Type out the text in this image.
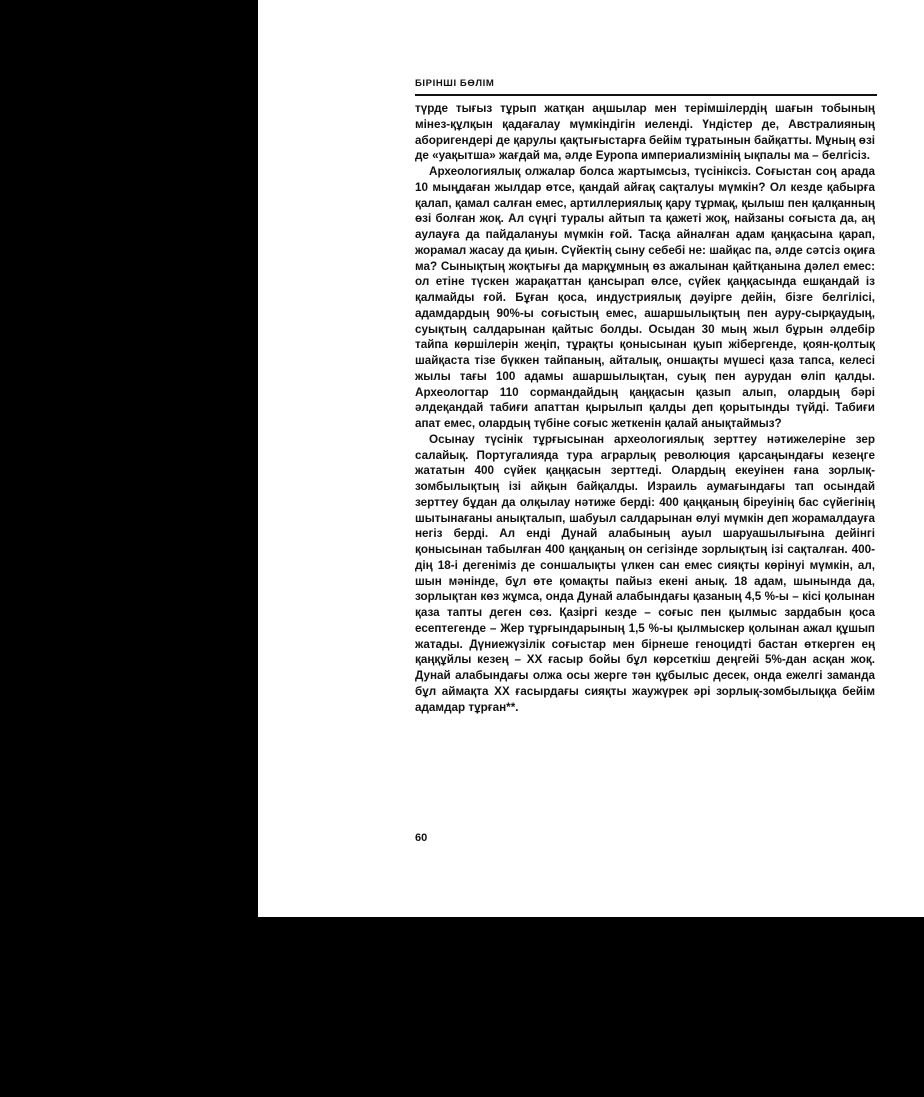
БІРІНШІ БӨЛІМ

түрде тығыз тұрып жатқан аңшылар мен терімшілердің шағын тобының мінез-құлқын қадағалау мүмкіндігін иеленді. Үндістер де, Австралияның аборигендері де қарулы қақтығыстарға бейім тұратынын байқатты. Мұның өзі де «уақытша» жағдай ма, әлде Еуропа империализмінің ықпалы ма – белгісіз.

Археологиялық олжалар болса жартымсыз, түсініксіз. Соғыстан соң арада 10 мыңдаған жылдар өтсе, қандай айғақ сақталуы мүмкін? Ол кезде қабырға қалап, қамал салған емес, артиллериялық қару тұрмақ, қылыш пен қалқанның өзі болған жоқ. Ал сүңгі туралы айтып та қажеті жоқ, найзаны соғыста да, аң аулауға да пайдалануы мүмкін ғой. Тасқа айналған адам қаңқасына қарап, жорамал жасау да қиын. Сүйектің сыну себебі не: шайқас па, әлде сәтсіз оқиға ма? Сынықтың жоқтығы да марқұмның өз ажалынан қайтқанына дәлел емес: ол етіне түскен жарақаттан қансырап өлсе, сүйек қаңқасында ешқандай із қалмайды ғой. Бұған қоса, индустриялық дәуірге дейін, бізге белгілісі, адамдардың 90%-ы соғыстың емес, ашаршылықтың пен ауру-сырқаудың, суықтың салдарынан қайтыс болды. Осыдан 30 мың жыл бұрын әлдебір тайпа көршілерін жеңіп, тұрақты қонысынан қуып жібергенде, қоян-қолтық шайқаста тізе бүккен тайпаның, айталық, оншақты мүшесі қаза тапса, келесі жылы тағы 100 адамы ашаршылықтан, суық пен аурудан өліп қалды. Археологтар 110 сорманда​йдың қаңқасын қазып алып, олардың бәрі әлдеқандай табиғи апаттан қырылып қалды деп қорытынды түйді. Табиғи апат емес, олардың түбіне соғыс жеткенін қалай анықтаймыз?

Осынау түсінік тұрғысынан археологиялық зерттеу нәтижелеріне зер салайық. Португалияда тура аграрлық революция қарсаңындағы кезеңге жататын 400 сүйек қаңқасын зерттеді. Олардың екеуінен ғана зорлық-зомбылықтың ізі айқын байқалды. Израиль аумағындағы тап осындай зерттеу бұдан да олқылау нәтиже берді: 400 қаңқаның біреуінің бас сүйегінің шытынағаны анықталып, шабуыл салдарынан өлуі мүмкін деп жорамалдауға негіз берді. Ал енді Дунай алабының ауыл шаруашылығына дейінгі қонысынан табылған 400 қаңқаның он сегізінде зорлықтың ізі сақталған. 400-дің 18-і дегеніміз де соншалықты үлкен сан емес сияқты көрінуі мүмкін, ал, шын мәнінде, бұл өте қомақты пайыз екені анық. 18 адам, шынында да, зорлықтан көз жұмса, онда Дунай алабындағы қазаның 4,5 %-ы – кісі қолынан қаза тапты деген сөз. Қазіргі кезде – соғыс пен қылмыс зардабын қоса есептегенде – Жер тұрғындарының 1,5 %-ы қылмыскер қолынан ажал құшып жатады. Дүниежүзілік соғыстар мен бірнеше геноцидті бастан өткерген ең қаңқұйлы кезең – XX ғасыр бойы бұл көрсеткіш деңгейі 5%-дан асқан жоқ. Дунай алабындағы олжа осы жерге тән құбылыс десек, онда ежелгі заманда бұл аймақта XX ғасырдағы сияқты жаужүрек әрі зорлық-зомбылыққа бейім адамдар тұрған**.

60
